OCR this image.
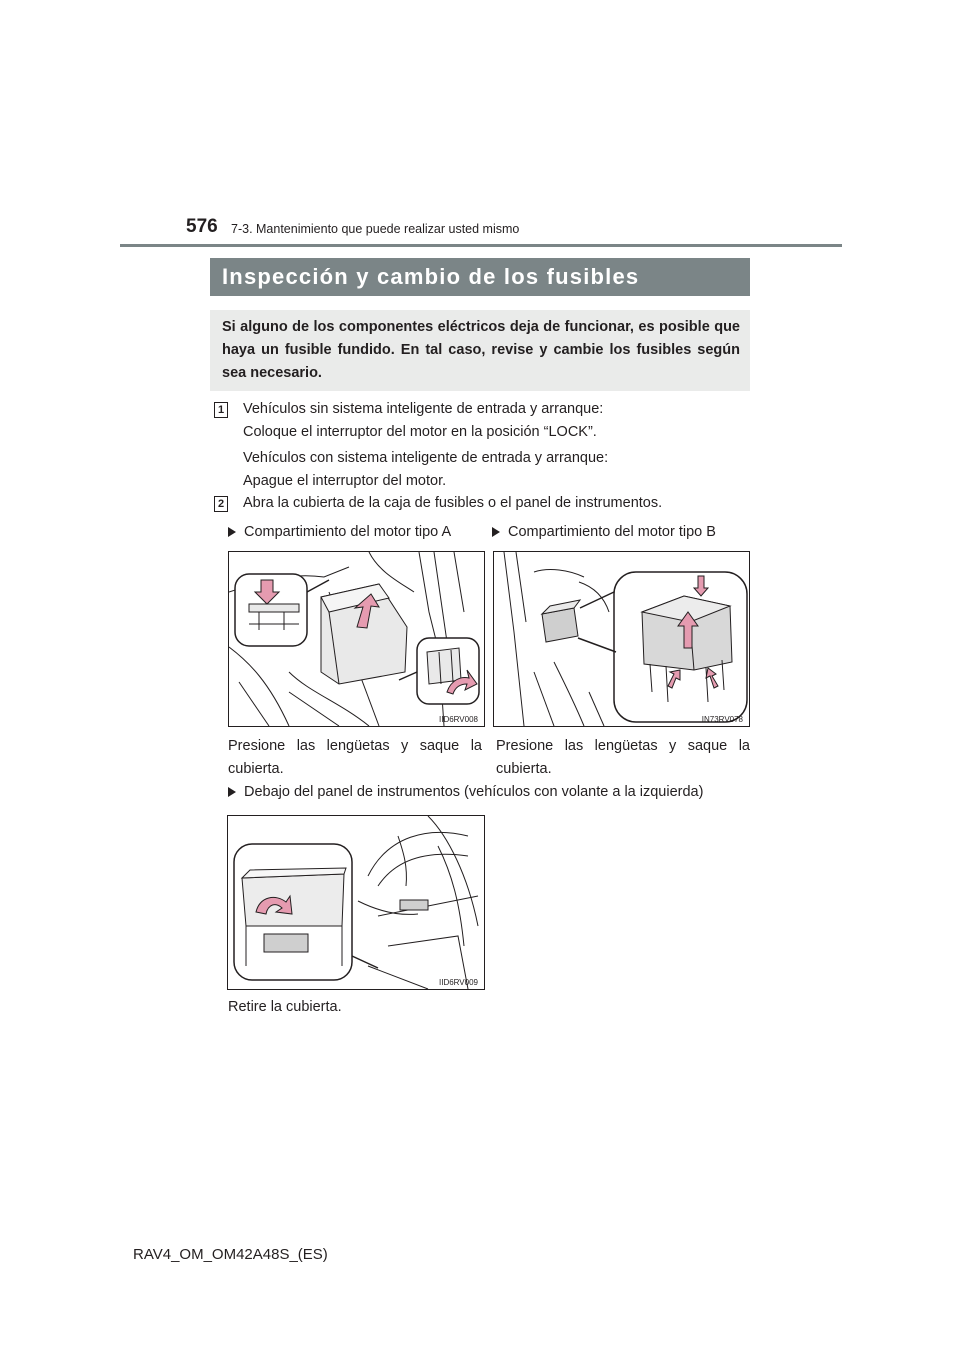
576 7-3. Mantenimiento que puede realizar usted mismo
Inspección y cambio de los fusibles
Si alguno de los componentes eléctricos deja de funcionar, es posible que haya un fusible fundido. En tal caso, revise y cambie los fusibles según sea necesario.
1 Vehículos sin sistema inteligente de entrada y arranque:
Coloque el interruptor del motor en la posición “LOCK”.
Vehículos con sistema inteligente de entrada y arranque:
Apague el interruptor del motor.
2 Abra la cubierta de la caja de fusibles o el panel de instrumentos.
Compartimiento del motor tipo A	Compartimiento del motor tipo B
IID6RV008	IN73RV078
Presione las lengüetas y saque la cubierta.
Presione las lengüetas y saque la cubierta.
Debajo del panel de instrumentos (vehículos con volante a la izquierda)
IID6RV009
Retire la cubierta.
RAV4_OM_OM42A48S_(ES)
